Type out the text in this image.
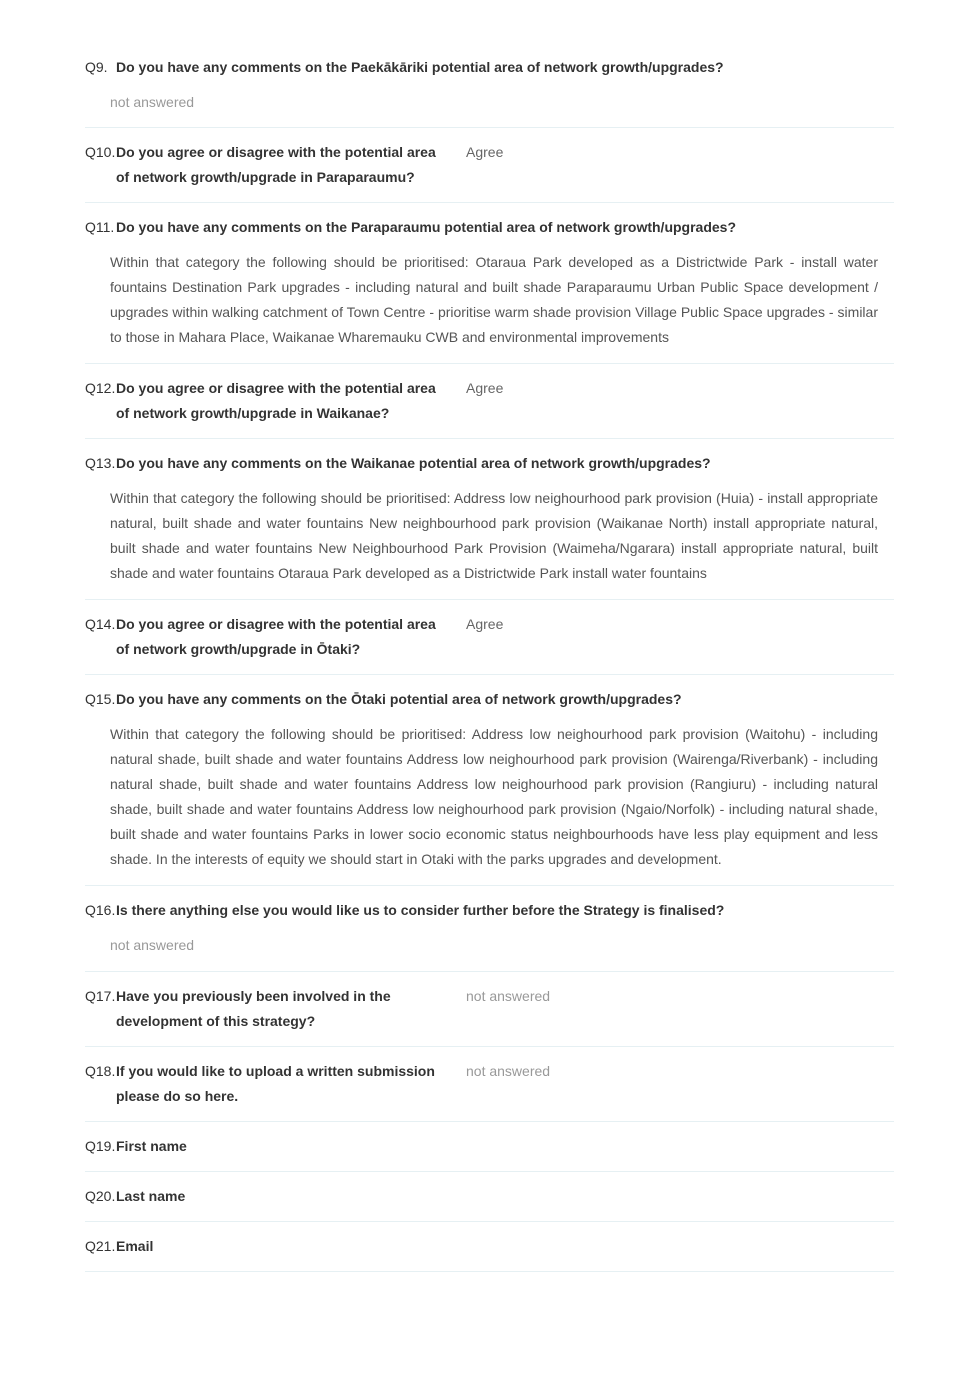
Q9. Do you have any comments on the Paekākāriki potential area of network growth/upgrades?
not answered
Q10. Do you agree or disagree with the potential area	Agree
of network growth/upgrade in Paraparaumu?
Q11. Do you have any comments on the Paraparaumu potential area of network growth/upgrades?
Within that category the following should be prioritised: Otaraua Park developed as a Districtwide Park - install water fountains Destination Park upgrades - including natural and built shade Paraparaumu Urban Public Space development / upgrades within walking catchment of Town Centre - prioritise warm shade provision Village Public Space upgrades - similar to those in Mahara Place, Waikanae Wharemauku CWB and environmental improvements
Q12. Do you agree or disagree with the potential area	Agree
of network growth/upgrade in Waikanae?
Q13. Do you have any comments on the Waikanae potential area of network growth/upgrades?
Within that category the following should be prioritised: Address low neighourhood park provision (Huia) - install appropriate natural, built shade and water fountains New neighbourhood park provision (Waikanae North) install appropriate natural, built shade and water fountains New Neighbourhood Park Provision (Waimeha/Ngarara) install appropriate natural, built shade and water fountains Otaraua Park developed as a Districtwide Park install water fountains
Q14. Do you agree or disagree with the potential area	Agree
of network growth/upgrade in Ōtaki?
Q15. Do you have any comments on the Ōtaki potential area of network growth/upgrades?
Within that category the following should be prioritised: Address low neighourhood park provision (Waitohu) - including natural shade, built shade and water fountains Address low neighourhood park provision (Wairenga/Riverbank) - including natural shade, built shade and water fountains Address low neighourhood park provision (Rangiuru) - including natural shade, built shade and water fountains Address low neighourhood park provision (Ngaio/Norfolk) - including natural shade, built shade and water fountains Parks in lower socio economic status neighbourhoods have less play equipment and less shade. In the interests of equity we should start in Otaki with the parks upgrades and development.
Q16. Is there anything else you would like us to consider further before the Strategy is finalised?
not answered
Q17. Have you previously been involved in the	not answered
development of this strategy?
Q18. If you would like to upload a written submission	not answered
please do so here.
Q19. First name
Q20. Last name
Q21. Email
